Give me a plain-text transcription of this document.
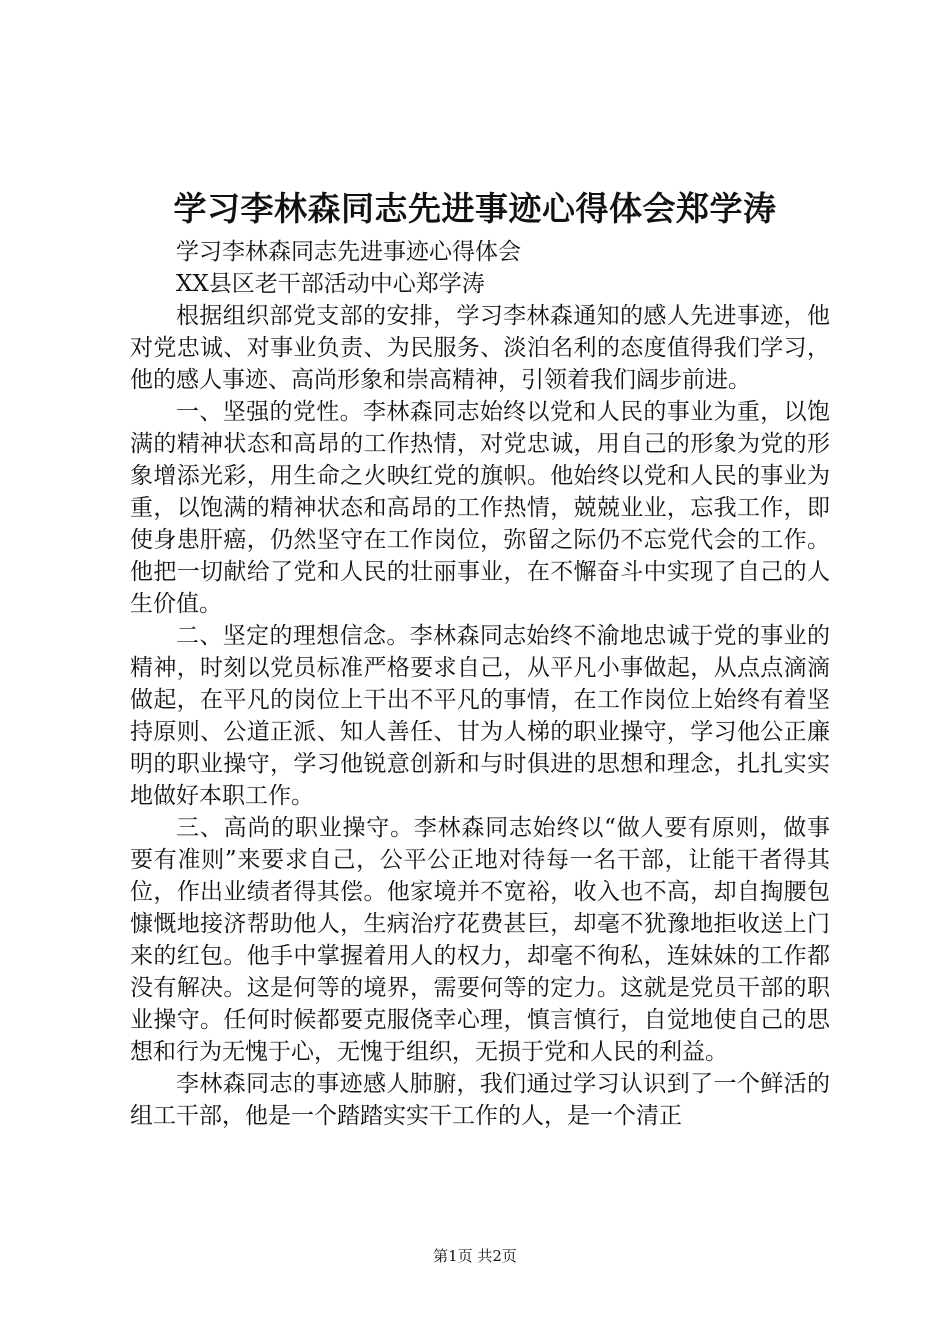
学习李林森同志先进事迹心得体会郑学涛

学习李林森同志先进事迹心得体会

XX县区老干部活动中心郑学涛

根据组织部党支部的安排，学习李林森通知的感人先进事迹，他对党忠诚、对事业负责、为民服务、淡泊名利的态度值得我们学习，他的感人事迹、高尚形象和崇高精神，引领着我们阔步前进。

一、坚强的党性。李林森同志始终以党和人民的事业为重，以饱满的精神状态和高昂的工作热情，对党忠诚，用自己的形象为党的形象增添光彩，用生命之火映红党的旗帜。他始终以党和人民的事业为重，以饱满的精神状态和高昂的工作热情，兢兢业业，忘我工作，即使身患肝癌，仍然坚守在工作岗位，弥留之际仍不忘党代会的工作。他把一切献给了党和人民的壮丽事业，在不懈奋斗中实现了自己的人生价值。

二、坚定的理想信念。李林森同志始终不渝地忠诚于党的事业的精神，时刻以党员标准严格要求自己，从平凡小事做起，从点点滴滴做起，在平凡的岗位上干出不平凡的事情，在工作岗位上始终有着坚持原则、公道正派、知人善任、甘为人梯的职业操守，学习他公正廉明的职业操守，学习他锐意创新和与时俱进的思想和理念，扎扎实实地做好本职工作。

三、高尚的职业操守。李林森同志始终以“做人要有原则，做事要有准则”来要求自己，公平公正地对待每一名干部，让能干者得其位，作出业绩者得其偿。他家境并不宽裕，收入也不高，却自掏腰包慷慨地接济帮助他人，生病治疗花费甚巨，却毫不犹豫地拒收送上门来的红包。他手中掌握着用人的权力，却毫不徇私，连妹妹的工作都没有解决。这是何等的境界，需要何等的定力。这就是党员干部的职业操守。任何时候都要克服侥幸心理，慎言慎行，自觉地使自己的思想和行为无愧于心，无愧于组织，无损于党和人民的利益。

李林森同志的事迹感人肺腑，我们通过学习认识到了一个鲜活的组工干部，他是一个踏踏实实干工作的人，是一个清正

第1页 共2页
